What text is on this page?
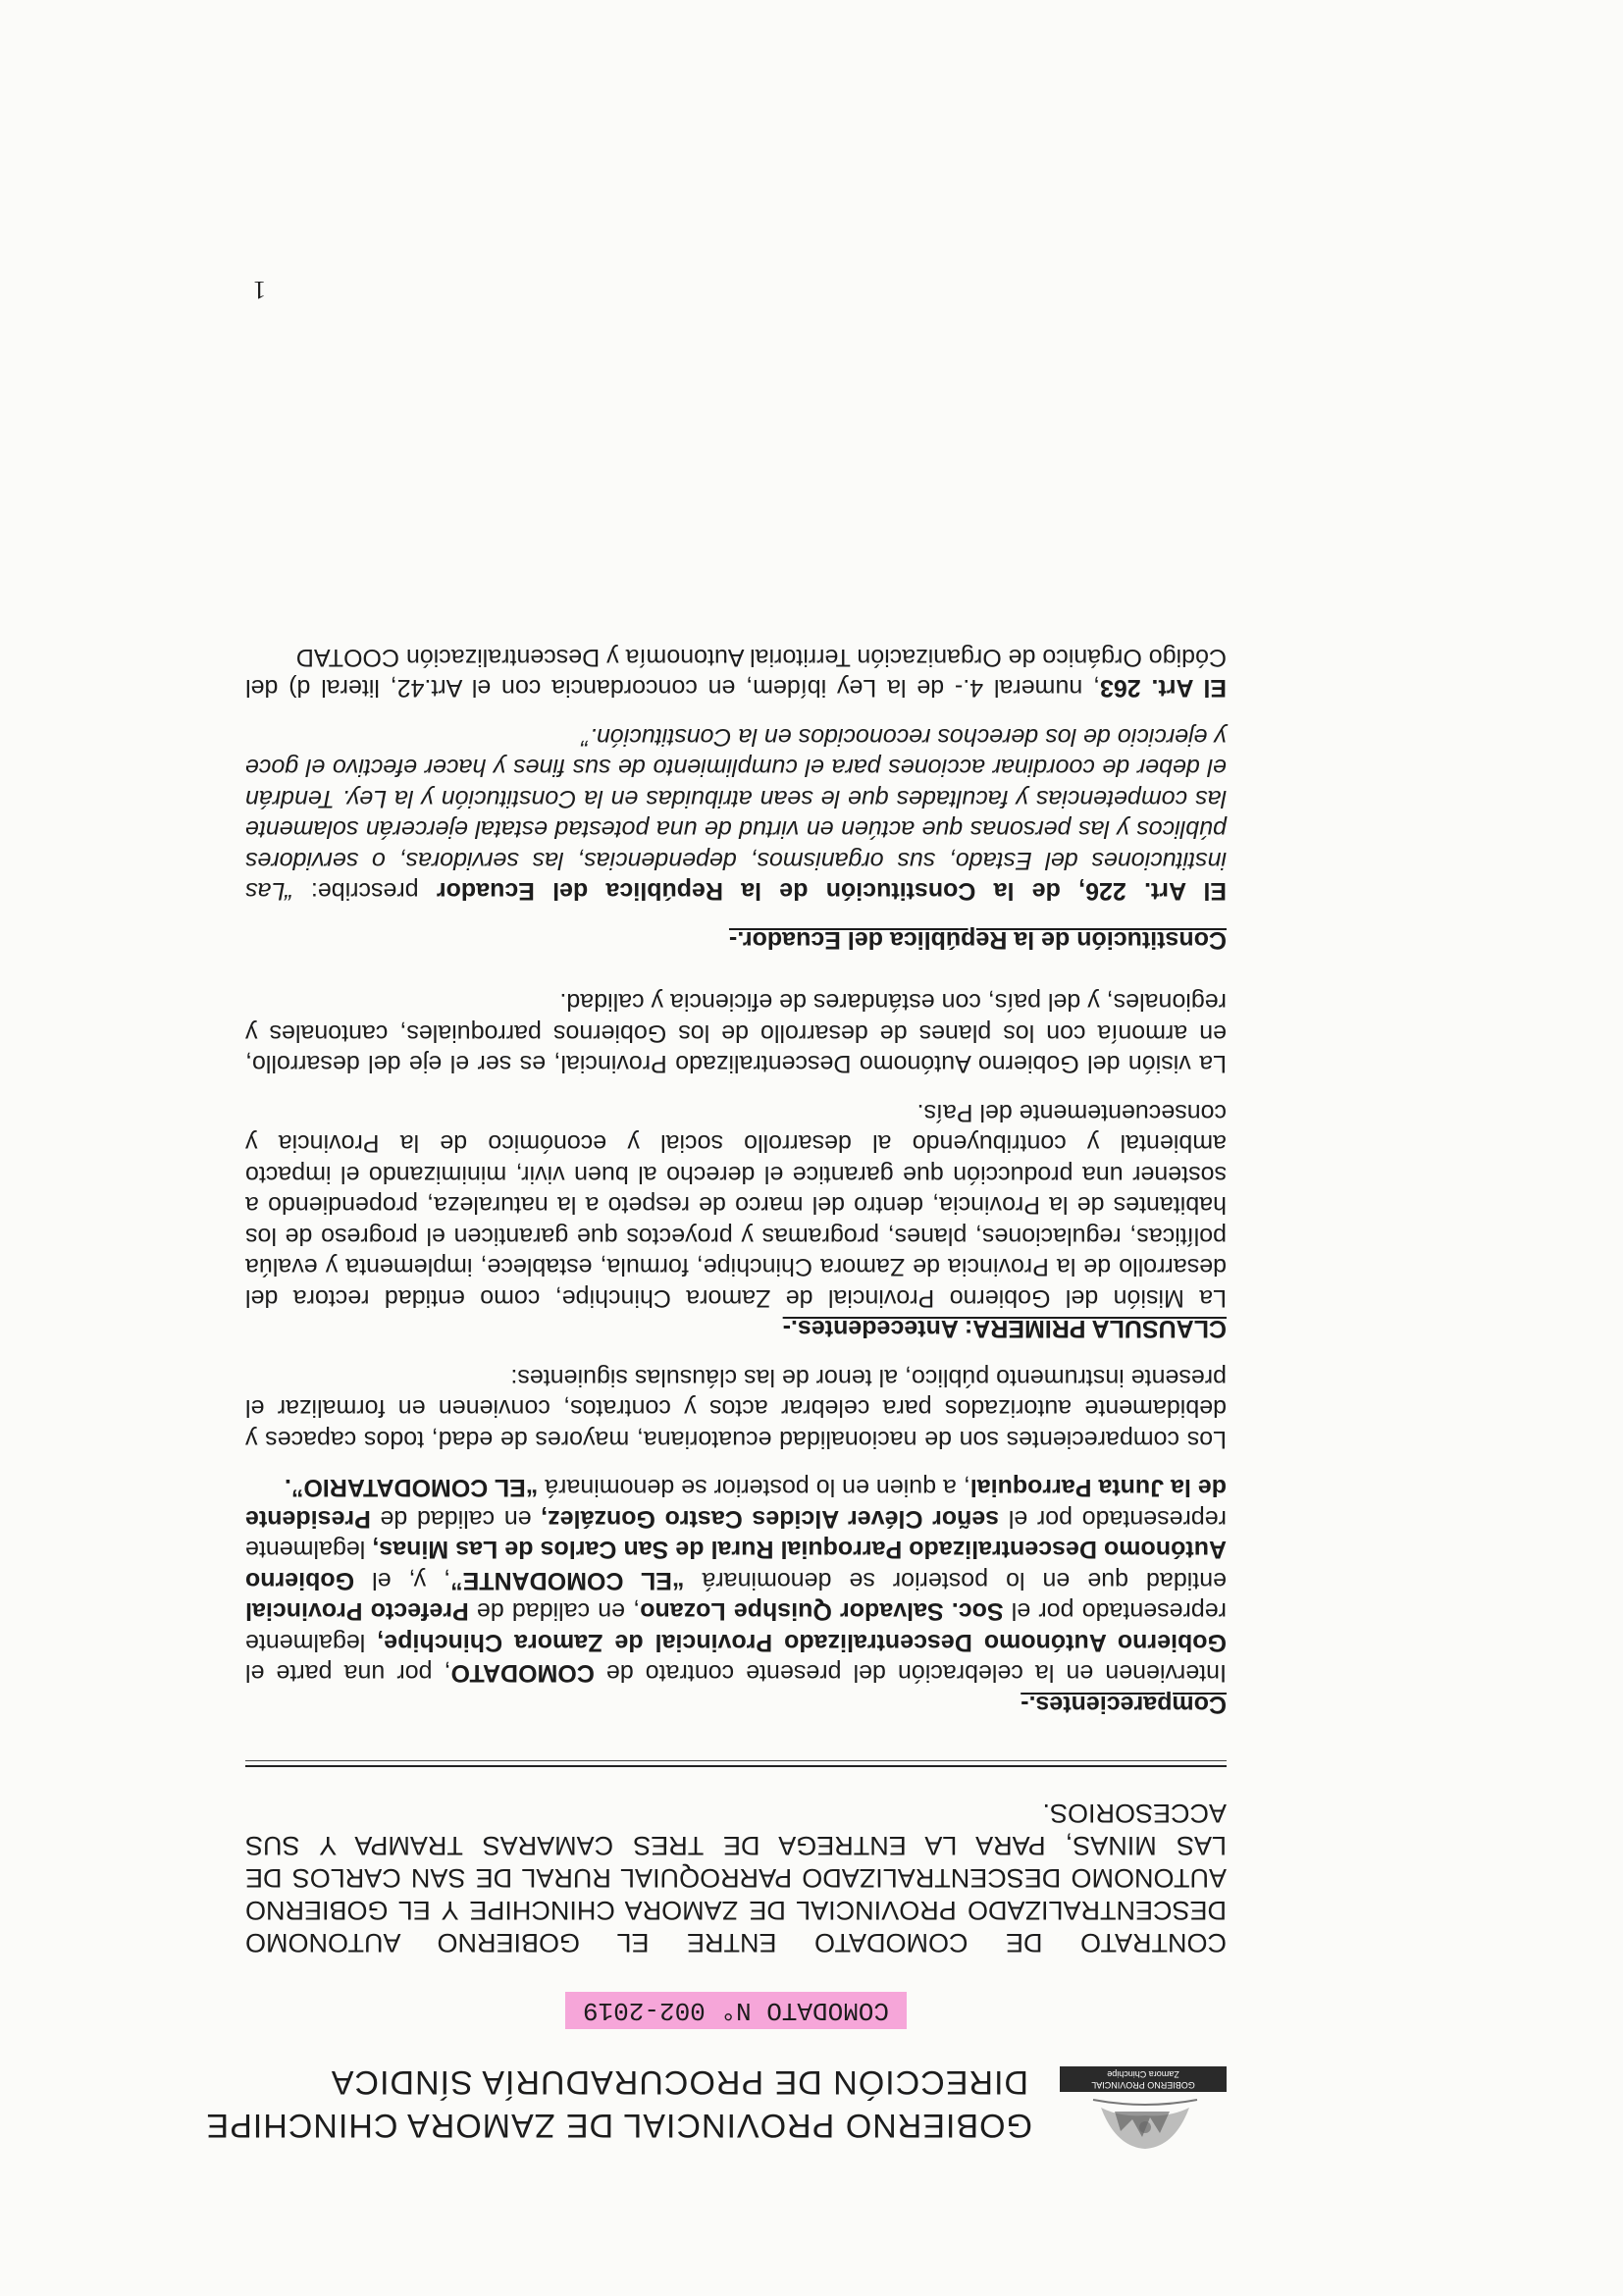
GOBIERNO PROVINCIAL
Zamora Chinchipe
GOBIERNO PROVINCIAL DE ZAMORA CHINCHIPE
DIRECCIÓN DE PROCURADURÍA SÍNDICA
COMODATO N° 002-2019

CONTRATO DE COMODATO ENTRE EL GOBIERNO AUTONOMO DESCENTRALIZADO PROVINCIAL DE ZAMORA CHINCHIPE Y EL GOBIERNO AUTONOMO DESCENTRALIZADO PARROQUIAL RURAL DE SAN CARLOS DE LAS MINAS, PARA LA ENTREGA DE TRES CAMARAS TRAMPA Y SUS ACCESORIOS.

Comparecientes.-

Intervienen en la celebración del presente contrato de COMODATO, por una parte el Gobierno Autónomo Descentralizado Provincial de Zamora Chinchipe, legalmente representado por el Soc. Salvador Quishpe Lozano, en calidad de Prefecto Provincial entidad que en lo posterior se denominará “EL COMODANTE”, y, el Gobierno Autónomo Descentralizado Parroquial Rural de San Carlos de Las Minas, legalmente representado por el señor Cléver Alcides Castro González, en calidad de Presidente de la Junta Parroquial, a quien en lo posterior se denominará “EL COMODATARIO”.

Los comparecientes son de nacionalidad ecuatoriana, mayores de edad, todos capaces y debidamente autorizados para celebrar actos y contratos, convienen en formalizar el presente instrumento público, al tenor de las cláusulas siguientes:

CLAUSULA PRIMERA: Antecedentes.-

La Misión del Gobierno Provincial de Zamora Chinchipe, como entidad rectora del desarrollo de la Provincia de Zamora Chinchipe, formula, establece, implementa y evalúa políticas, regulaciones, planes, programas y proyectos que garanticen el progreso de los habitantes de la Provincia, dentro del marco de respeto a la naturaleza, propendiendo a sostener una producción que garantice el derecho al buen vivir, minimizando el impacto ambiental y contribuyendo al desarrollo social y económico de la Provincia y consecuentemente del País.

La visión del Gobierno Autónomo Descentralizado Provincial, es ser el eje del desarrollo, en armonía con los planes de desarrollo de los Gobiernos parroquiales, cantonales y regionales, y del país, con estándares de eficiencia y calidad.

Constitución de la República del Ecuador.-

El Art. 226, de la Constitución de la República del Ecuador prescribe: “Las instituciones del Estado, sus organismos, dependencias, las servidoras, o servidores públicos y las personas que actúen en virtud de una potestad estatal ejercerán solamente las competencias y facultades que le sean atribuidas en la Constitución y la Ley. Tendrán el deber de coordinar acciones para el cumplimiento de sus fines y hacer efectivo el goce y ejercicio de los derechos reconocidos en la Constitución.”

El Art. 263, numeral 4.- de la Ley ibídem, en concordancia con el Art.42, literal d) del Código Orgánico de Organización Territorial Autonomía y Descentralización COOTAD

1
